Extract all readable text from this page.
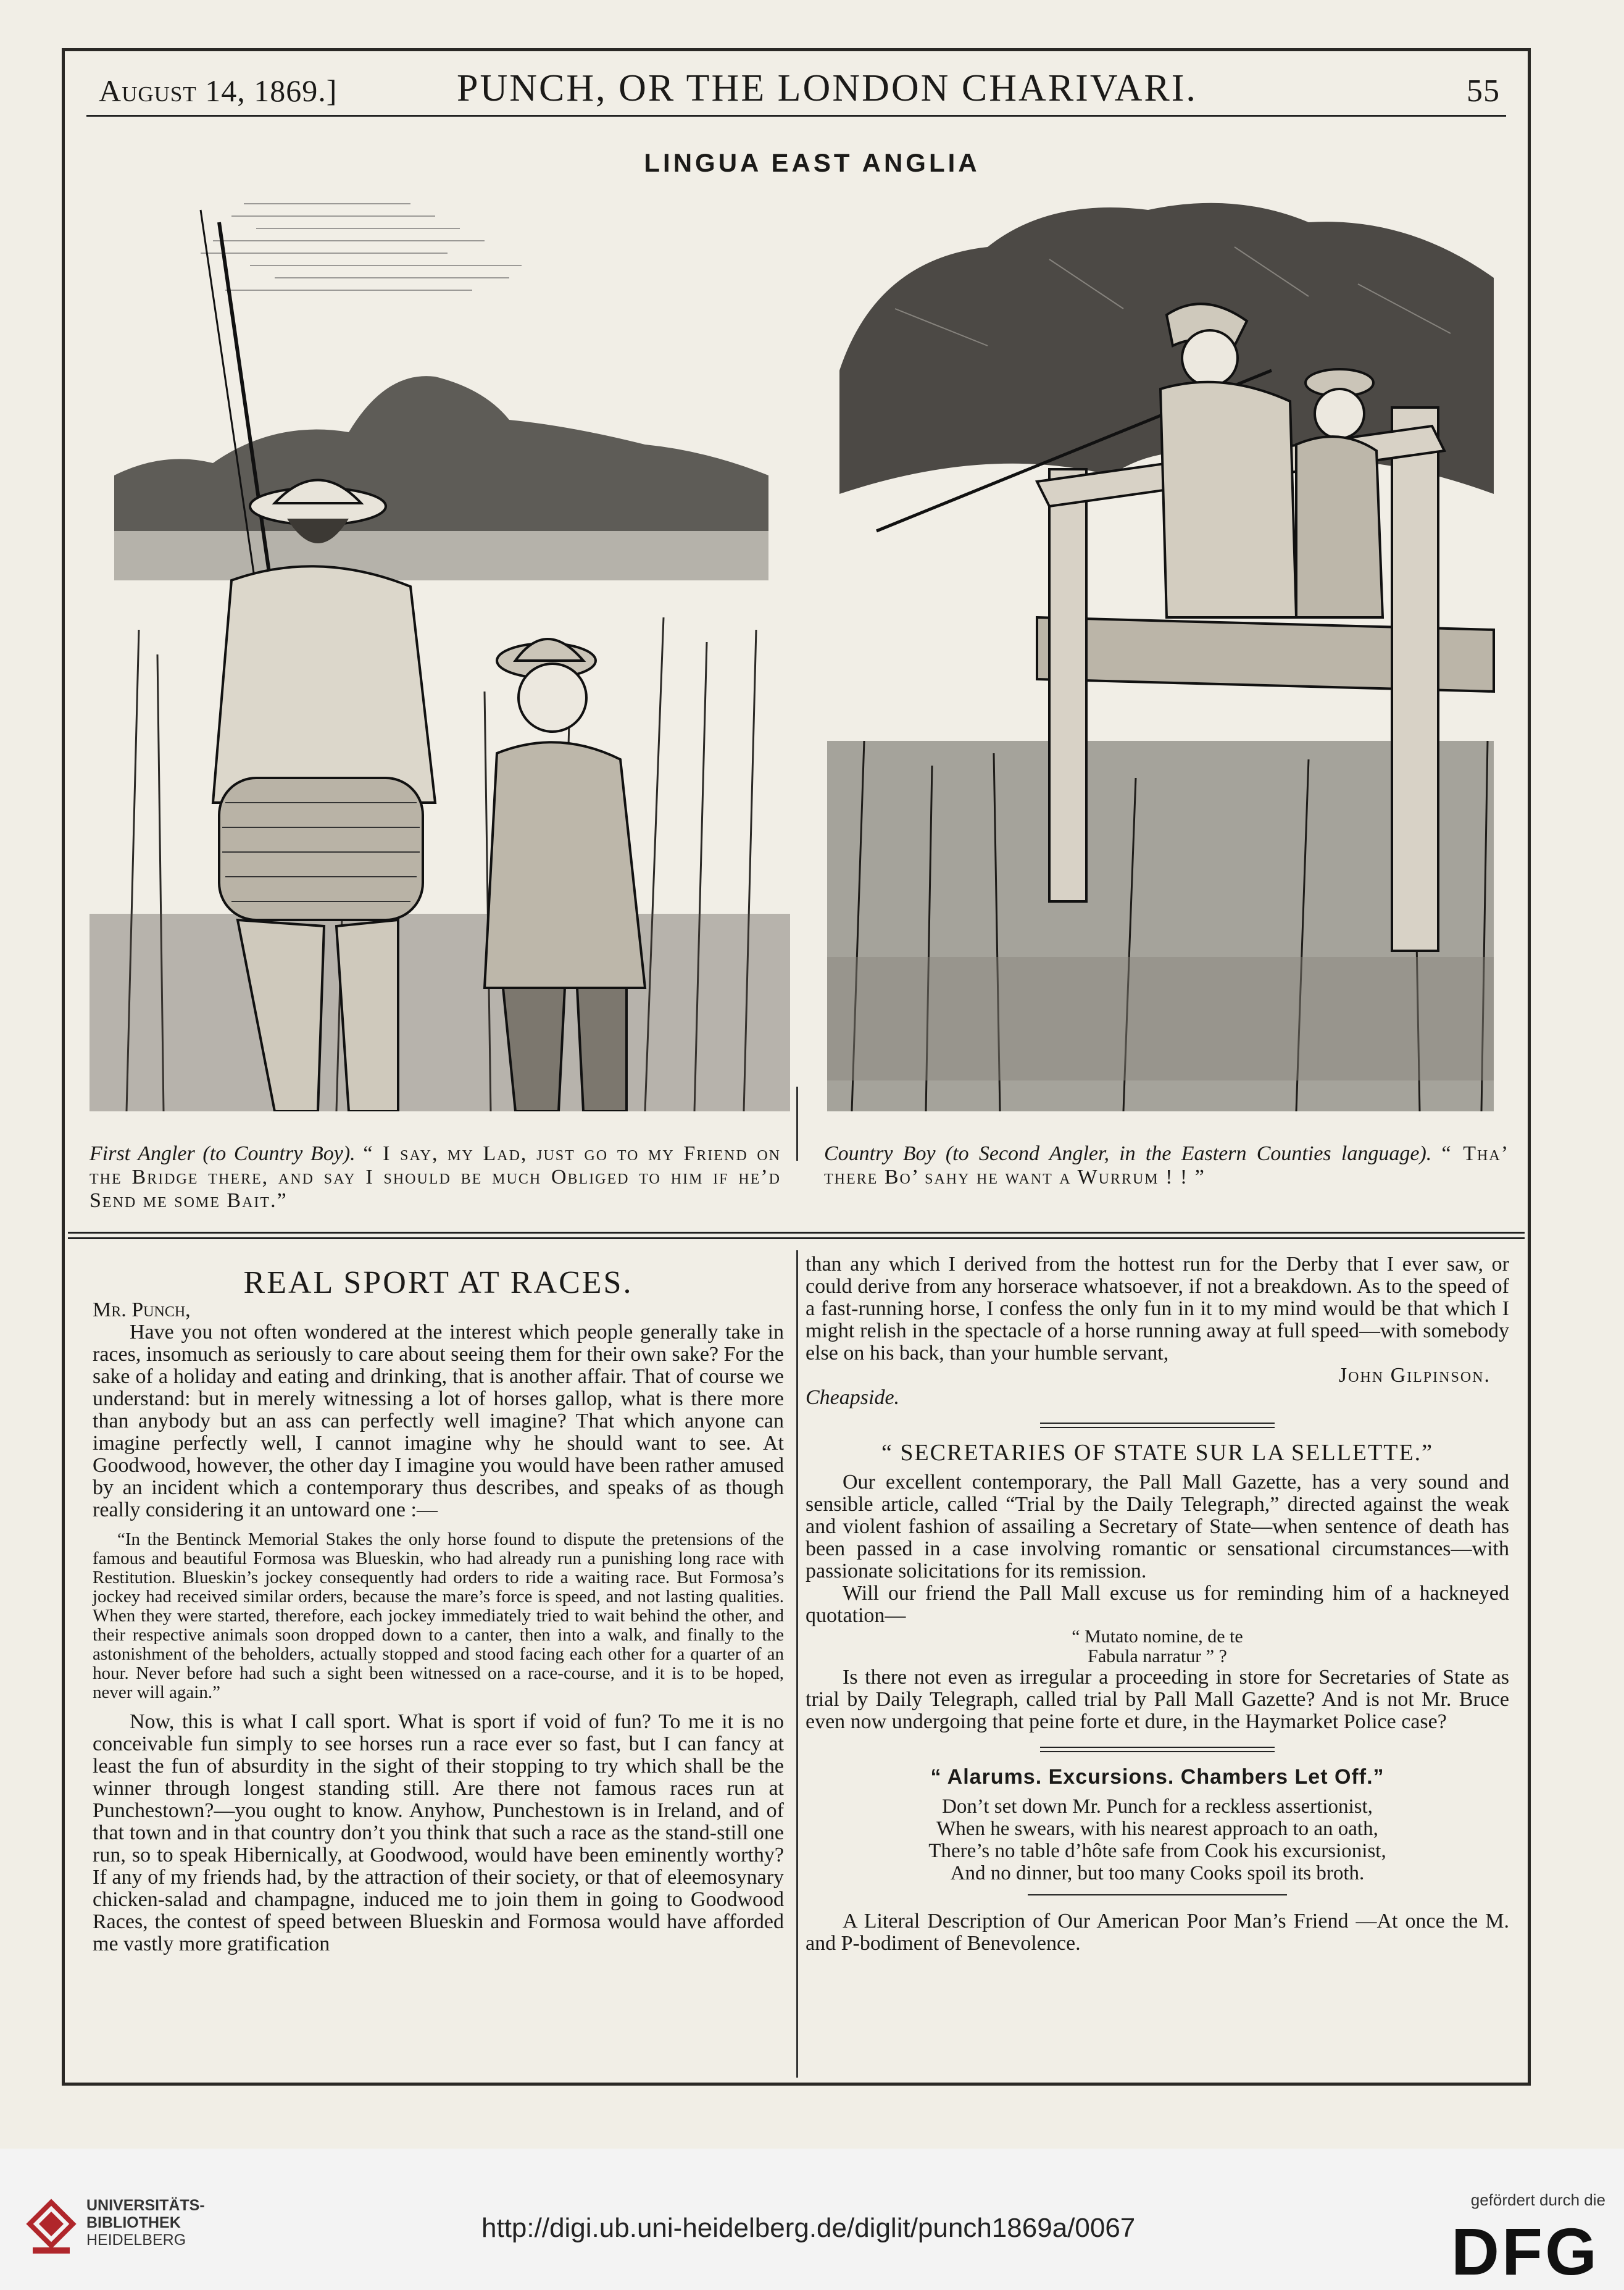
August 14, 1869.]	PUNCH, OR THE LONDON CHARIVARI.	55
LINGUA EAST ANGLIA
First Angler (to Country Boy). “ I say, my Lad, just go to my Friend on the Bridge there, and say I should be much Obliged to him if he’d Send me some Bait.”
Country Boy (to Second Angler, in the Eastern Counties language). “ Tha’ there Bo’ sahy he want a Wurrum ! ! ”
REAL SPORT AT RACES.

Mr. Punch,

Have you not often wondered at the interest which people generally take in races, insomuch as seriously to care about seeing them for their own sake? For the sake of a holiday and eating and drinking, that is another affair. That of course we understand: but in merely witnessing a lot of horses gallop, what is there more than anybody but an ass can perfectly well imagine? That which anyone can imagine perfectly well, I cannot imagine why he should want to see. At Goodwood, however, the other day I imagine you would have been rather amused by an incident which a contemporary thus describes, and speaks of as though really considering it an untoward one :—

“In the Bentinck Memorial Stakes the only horse found to dispute the pretensions of the famous and beautiful Formosa was Blueskin, who had already run a punishing long race with Restitution. Blueskin’s jockey consequently had orders to ride a waiting race. But Formosa’s jockey had received similar orders, because the mare’s force is speed, and not lasting qualities. When they were started, therefore, each jockey immediately tried to wait behind the other, and their respective animals soon dropped down to a canter, then into a walk, and finally to the astonishment of the beholders, actually stopped and stood facing each other for a quarter of an hour. Never before had such a sight been witnessed on a race-course, and it is to be hoped, never will again.”

Now, this is what I call sport. What is sport if void of fun? To me it is no conceivable fun simply to see horses run a race ever so fast, but I can fancy at least the fun of absurdity in the sight of their stopping to try which shall be the winner through longest standing still. Are there not famous races run at Punchestown?—you ought to know. Anyhow, Punchestown is in Ireland, and of that town and in that country don’t you think that such a race as the stand-still one run, so to speak Hibernically, at Goodwood, would have been eminently worthy? If any of my friends had, by the attraction of their society, or that of eleemosynary chicken-salad and champagne, induced me to join them in going to Goodwood Races, the contest of speed between Blueskin and Formosa would have afforded me vastly more gratification

than any which I derived from the hottest run for the Derby that I ever saw, or could derive from any horserace whatsoever, if not a breakdown. As to the speed of a fast-running horse, I confess the only fun in it to my mind would be that which I might relish in the spectacle of a horse running away at full speed—with somebody else on his back, than your humble servant,

John Gilpinson.

Cheapside.

“ SECRETARIES OF STATE SUR LA SELLETTE.”

Our excellent contemporary, the Pall Mall Gazette, has a very sound and sensible article, called “Trial by the Daily Telegraph,” directed against the weak and violent fashion of assailing a Secretary of State—when sentence of death has been passed in a case involving romantic or sensational circumstances—with passionate solicitations for its remission.

Will our friend the Pall Mall excuse us for reminding him of a hackneyed quotation—

“ Mutato nomine, de te
Fabula narratur ” ?

Is there not even as irregular a proceeding in store for Secretaries of State as trial by Daily Telegraph, called trial by Pall Mall Gazette? And is not Mr. Bruce even now undergoing that peine forte et dure, in the Haymarket Police case?

“ Alarums. Excursions. Chambers Let Off.”
Don’t set down Mr. Punch for a reckless assertionist,
When he swears, with his nearest approach to an oath,
There’s no table d’hôte safe from Cook his excursionist,
And no dinner, but too many Cooks spoil its broth.

A Literal Description of Our American Poor Man’s Friend —At once the M. and P-bodiment of Benevolence.

UNIVERSITÄTS-
BIBLIOTHEK
HEIDELBERG	http://digi.ub.uni-heidelberg.de/diglit/punch1869a/0067
gefördert durch die
DFG
